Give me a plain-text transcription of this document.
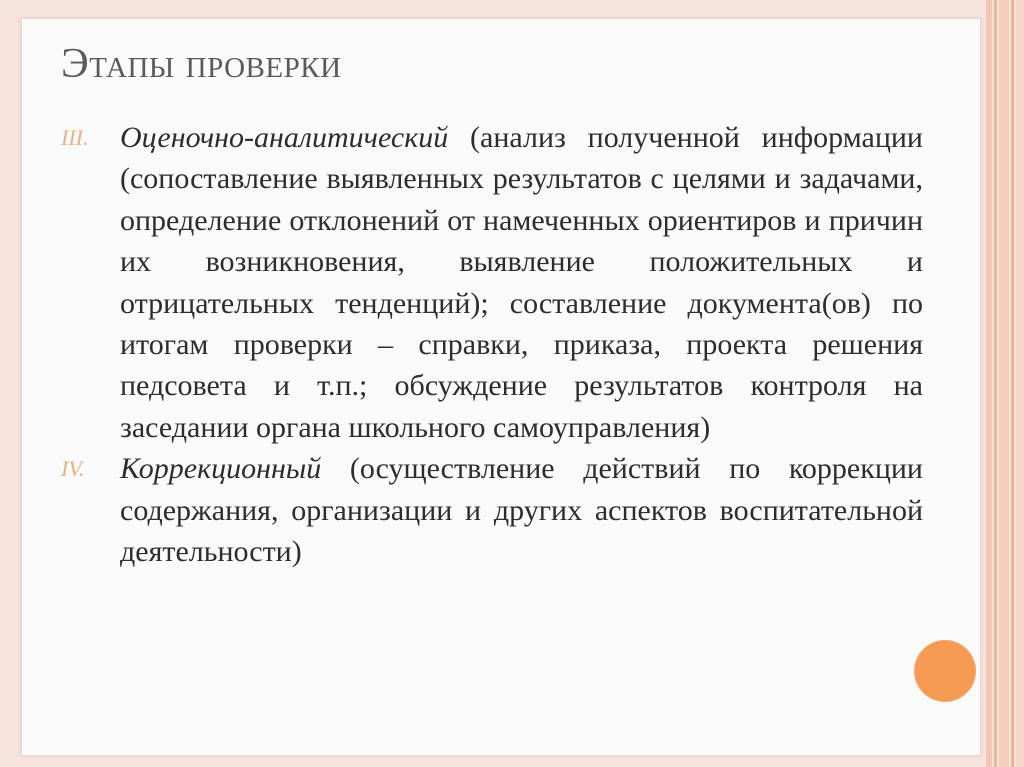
Этапы проверки
III. Оценочно-аналитический (анализ полученной информации (сопоставление выявленных результатов с целями и задачами, определение отклонений от намеченных ориентиров и причин их возникновения, выявление положительных и отрицательных тенденций); составление документа(ов) по итогам проверки – справки, приказа, проекта решения педсовета и т.п.; обсуждение результатов контроля на заседании органа школьного самоуправления)

IV. Коррекционный (осуществление действий по коррекции содержания, организации и других аспектов воспитательной деятельности)
